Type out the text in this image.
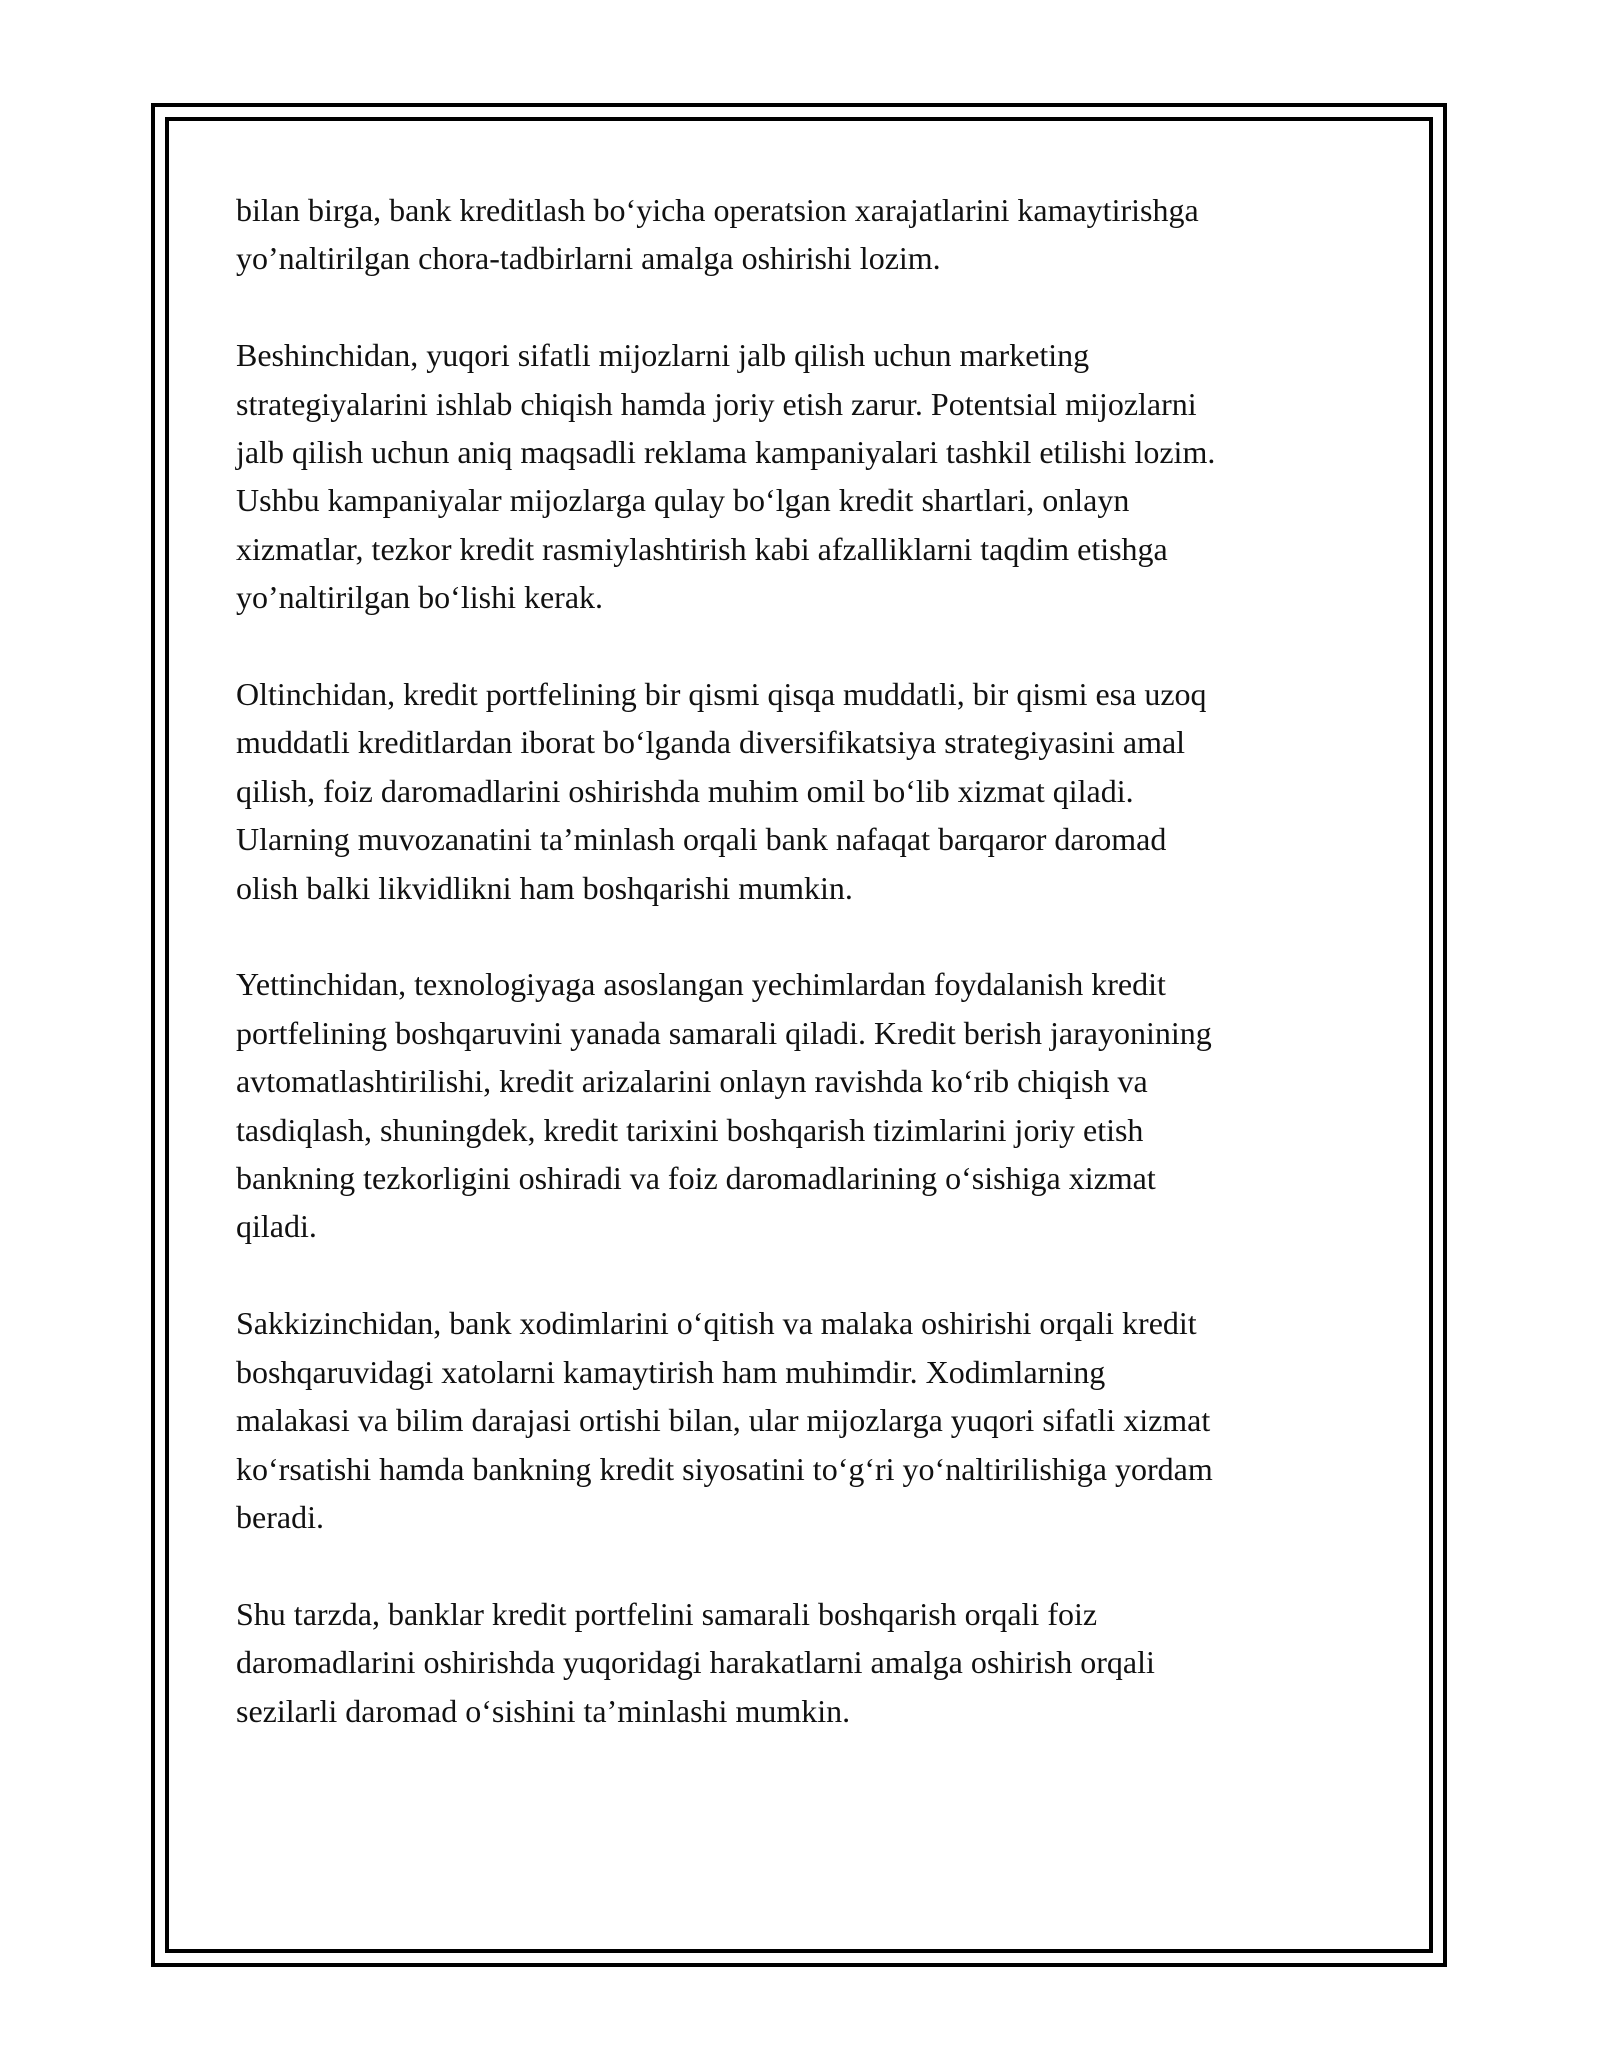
bilan birga, bank kreditlash bo‘yicha operatsion xarajatlarini kamaytirishga
yo’naltirilgan chora-tadbirlarni amalga oshirishi lozim.

Beshinchidan, yuqori sifatli mijozlarni jalb qilish uchun marketing
strategiyalarini ishlab chiqish hamda joriy etish zarur. Potentsial mijozlarni
jalb qilish uchun aniq maqsadli reklama kampaniyalari tashkil etilishi lozim.
Ushbu kampaniyalar mijozlarga qulay bo‘lgan kredit shartlari, onlayn
xizmatlar, tezkor kredit rasmiylashtirish kabi afzalliklarni taqdim etishga
yo’naltirilgan bo‘lishi kerak.

Oltinchidan, kredit portfelining bir qismi qisqa muddatli, bir qismi esa uzoq
muddatli kreditlardan iborat bo‘lganda diversifikatsiya strategiyasini amal
qilish, foiz daromadlarini oshirishda muhim omil bo‘lib xizmat qiladi.
Ularning muvozanatini ta’minlash orqali bank nafaqat barqaror daromad
olish balki likvidlikni ham boshqarishi mumkin.

Yettinchidan, texnologiyaga asoslangan yechimlardan foydalanish kredit
portfelining boshqaruvini yanada samarali qiladi. Kredit berish jarayonining
avtomatlashtirilishi, kredit arizalarini onlayn ravishda ko‘rib chiqish va
tasdiqlash, shuningdek, kredit tarixini boshqarish tizimlarini joriy etish
bankning tezkorligini oshiradi va foiz daromadlarining o‘sishiga xizmat
qiladi.

Sakkizinchidan, bank xodimlarini o‘qitish va malaka oshirishi orqali kredit
boshqaruvidagi xatolarni kamaytirish ham muhimdir. Xodimlarning
malakasi va bilim darajasi ortishi bilan, ular mijozlarga yuqori sifatli xizmat
ko‘rsatishi hamda bankning kredit siyosatini to‘g‘ri yo‘naltirilishiga yordam
beradi.

Shu tarzda, banklar kredit portfelini samarali boshqarish orqali foiz
daromadlarini oshirishda yuqoridagi harakatlarni amalga oshirish orqali
sezilarli daromad o‘sishini ta’minlashi mumkin.
